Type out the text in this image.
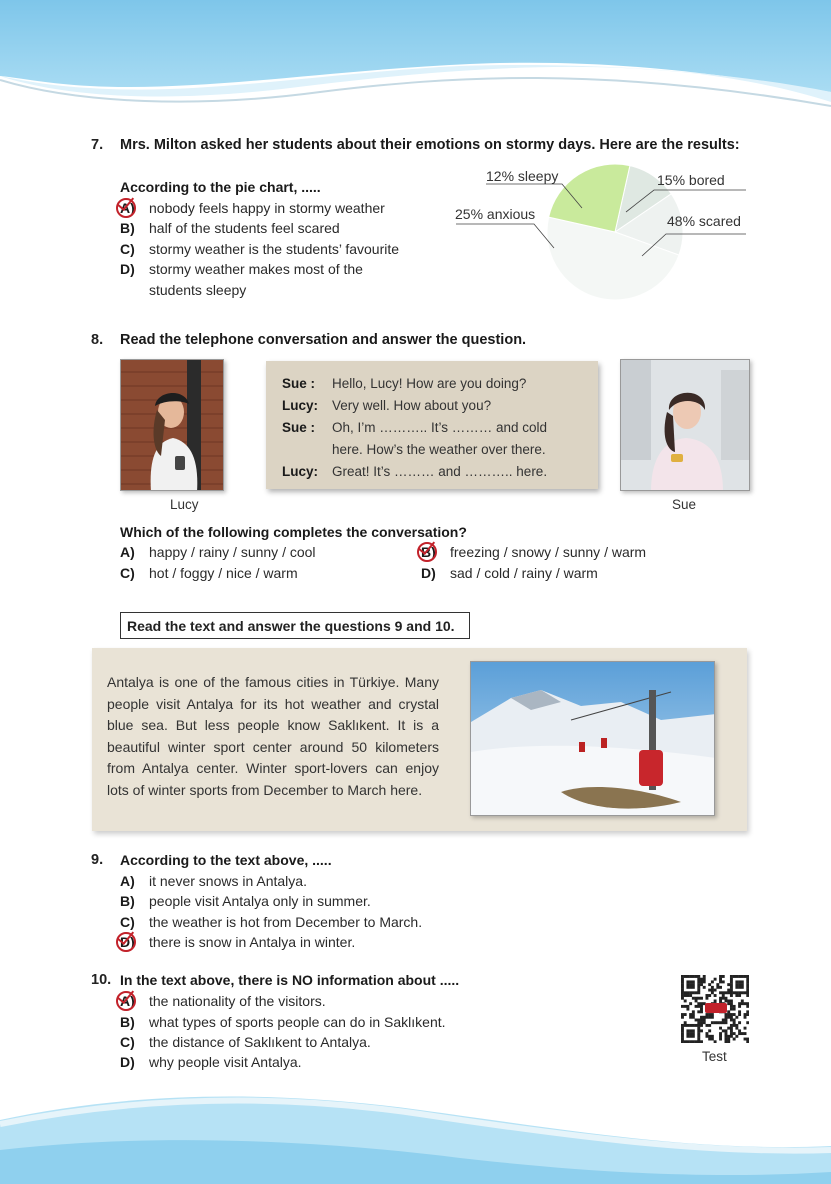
7. Mrs. Milton asked her students about their emotions on stormy days. Here are the results:
According to the pie chart, .....
A) nobody feels happy in stormy weather
B) half of the students feel scared
C) stormy weather is the students’ favourite
D) stormy weather makes most of the
students sleepy
12% sleepy	15% bored
25% anxious	48% scared
8. Read the telephone conversation and answer the question.
Lucy
Sue :	Hello, Lucy! How are you doing?
Lucy:	Very well. How about you?
Sue :	Oh, I’m ……….. It’s ……… and cold
here. How’s the weather over there.
Lucy:	Great! It’s ……… and ……….. here.
Sue
Which of the following completes the conversation?
A) happy / rainy / sunny / cool	B) freezing / snowy / sunny / warm
C) hot / foggy / nice / warm	D) sad / cold / rainy / warm
Read the text and answer the questions 9 and 10.
Antalya is one of the famous cities in Türkiye. Many people visit Antalya for its hot weather and crystal blue sea. But less people know Saklıkent. It is a beautiful winter sport center around 50 kilometers from Antalya center. Winter sport-lovers can enjoy lots of winter sports from December to March here.
9. According to the text above, .....
A) it never snows in Antalya.
B) people visit Antalya only in summer.
C) the weather is hot from December to March.
D) there is snow in Antalya in winter.
10. In the text above, there is NO information about .....
A) the nationality of the visitors.
B) what types of sports people can do in Saklıkent.
C) the distance of Saklıkent to Antalya.
D) why people visit Antalya.	Test
